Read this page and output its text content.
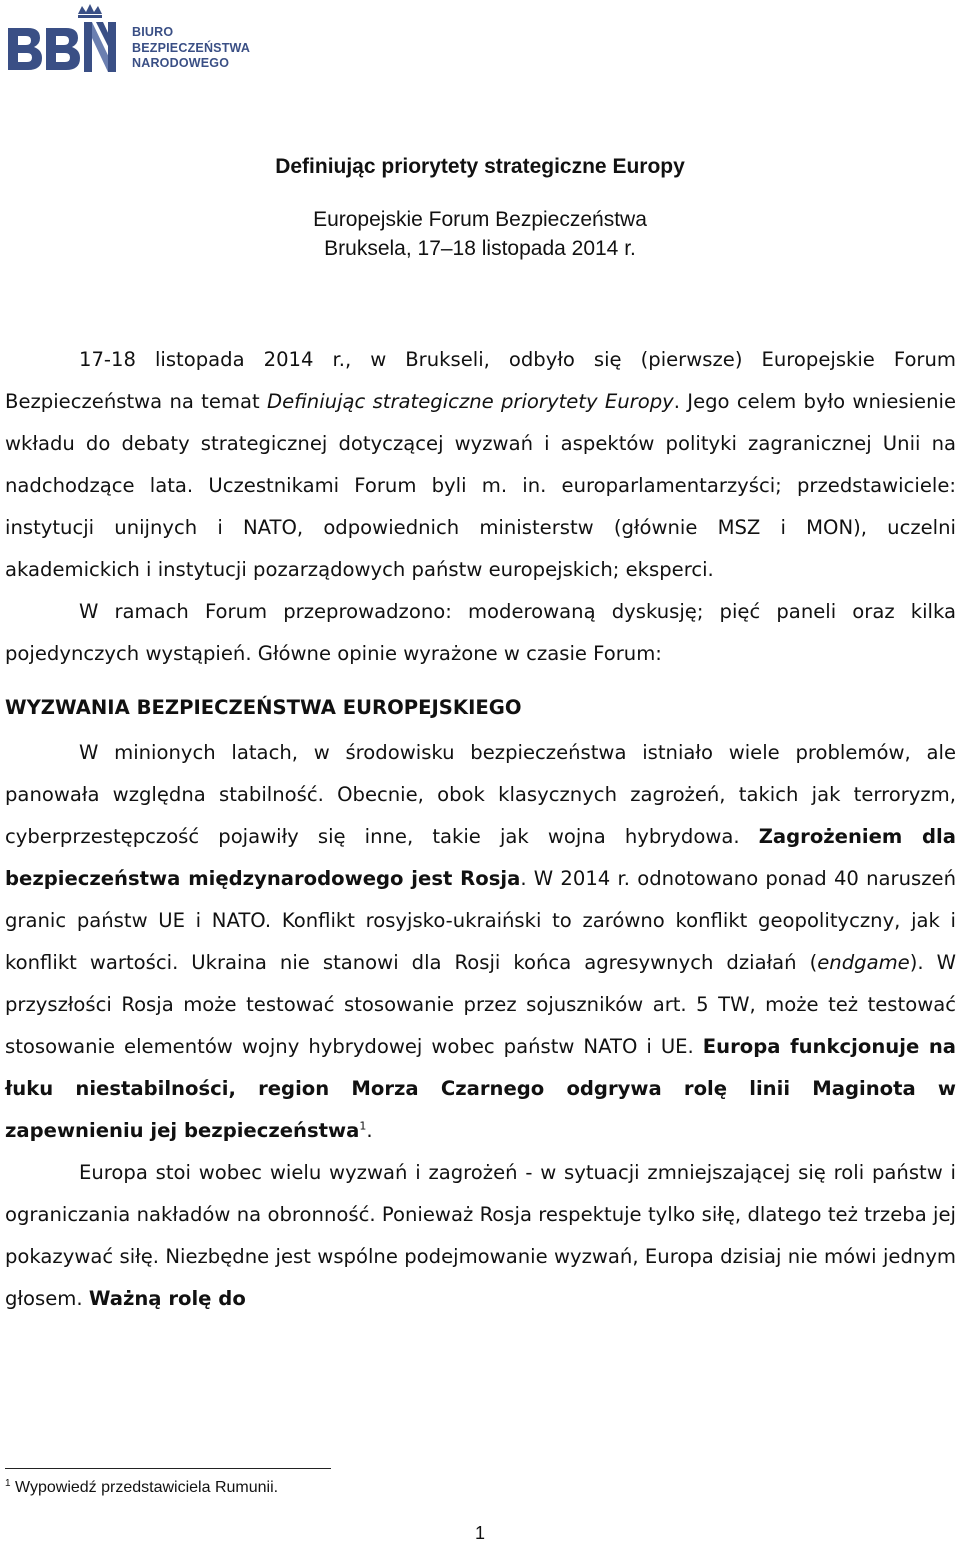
BIURO
BEZPIECZEŃSTWA
NARODOWEGO
Definiując priorytety strategiczne Europy
Europejskie Forum Bezpieczeństwa
Bruksela, 17–18 listopada 2014 r.

17-18 listopada 2014 r., w Brukseli, odbyło się (pierwsze) Europejskie Forum Bezpieczeństwa na temat Definiując strategiczne priorytety Europy. Jego celem było wniesienie wkładu do debaty strategicznej dotyczącej wyzwań i aspektów polityki zagranicznej Unii na nadchodzące lata. Uczestnikami Forum byli m. in. europarlamentarzyści; przedstawiciele: instytucji unijnych i NATO, odpowiednich ministerstw (głównie MSZ i MON), uczelni akademickich i instytucji pozarządowych państw europejskich; eksperci.

W ramach Forum przeprowadzono: moderowaną dyskusję; pięć paneli oraz kilka pojedynczych wystąpień. Główne opinie wyrażone w czasie Forum:

WYZWANIA BEZPIECZEŃSTWA EUROPEJSKIEGO

W minionych latach, w środowisku bezpieczeństwa istniało wiele problemów, ale panowała względna stabilność. Obecnie, obok klasycznych zagrożeń, takich jak terroryzm, cyberprzestępczość pojawiły się inne, takie jak wojna hybrydowa. Zagrożeniem dla bezpieczeństwa międzynarodowego jest Rosja. W 2014 r. odnotowano ponad 40 naruszeń granic państw UE i NATO. Konflikt rosyjsko-ukraiński to zarówno konflikt geopolityczny, jak i konflikt wartości. Ukraina nie stanowi dla Rosji końca agresywnych działań (endgame). W przyszłości Rosja może testować stosowanie przez sojuszników art. 5 TW, może też testować stosowanie elementów wojny hybrydowej wobec państw NATO i UE. Europa funkcjonuje na łuku niestabilności, region Morza Czarnego odgrywa rolę linii Maginota w zapewnieniu jej bezpieczeństwa$^1$.

Europa stoi wobec wielu wyzwań i zagrożeń - w sytuacji zmniejszającej się roli państw i ograniczania nakładów na obronność. Ponieważ Rosja respektuje tylko siłę, dlatego też trzeba jej pokazywać siłę. Niezbędne jest wspólne podejmowanie wyzwań, Europa dzisiaj nie mówi jednym głosem. Ważną rolę do

$^1$ Wypowiedź przedstawiciela Rumunii.
1
